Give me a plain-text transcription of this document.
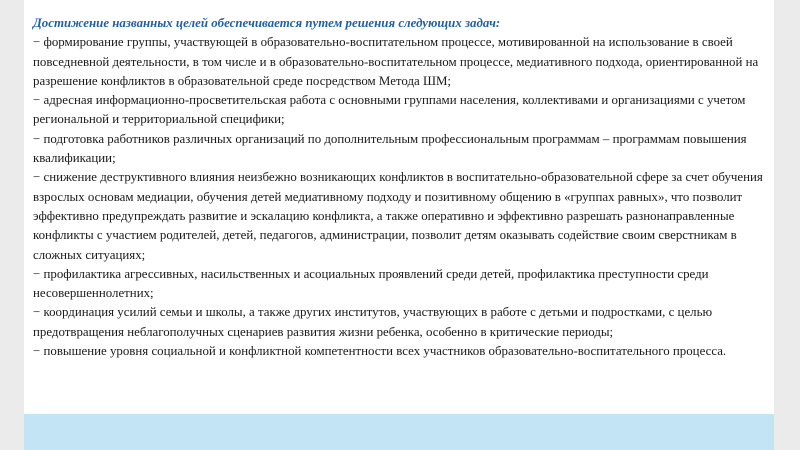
Достижение названных целей обеспечивается путем решения следующих задач:

− формирование группы, участвующей в образовательно-воспитательном процессе, мотивированной на использование в своей повседневной деятельности, в том числе и в образовательно-воспитательном процессе, медиативного подхода, ориентированной на разрешение конфликтов в образовательной среде посредством Метода ШМ;
− адресная информационно-просветительская работа с основными группами населения, коллективами и организациями с учетом региональной и территориальной специфики;
− подготовка работников различных организаций по дополнительным профессиональным программам – программам повышения квалификации;
− снижение деструктивного влияния неизбежно возникающих конфликтов в воспитательно-образовательной сфере за счет обучения взрослых основам медиации, обучения детей медиативному подходу и позитивному общению в «группах равных», что позволит эффективно предупреждать развитие и эскалацию конфликта, а также оперативно и эффективно разрешать разнонаправленные конфликты с участием родителей, детей, педагогов, администрации, позволит детям оказывать содействие своим сверстникам в сложных ситуациях;
− профилактика агрессивных, насильственных и асоциальных проявлений среди детей, профилактика преступности среди несовершеннолетних;
− координация усилий семьи и школы, а также других институтов, участвующих в работе с детьми и подростками, с целью предотвращения неблагополучных сценариев развития жизни ребенка, особенно в критические периоды;
− повышение уровня социальной и конфликтной компетентности всех участников образовательно-воспитательного процесса.
